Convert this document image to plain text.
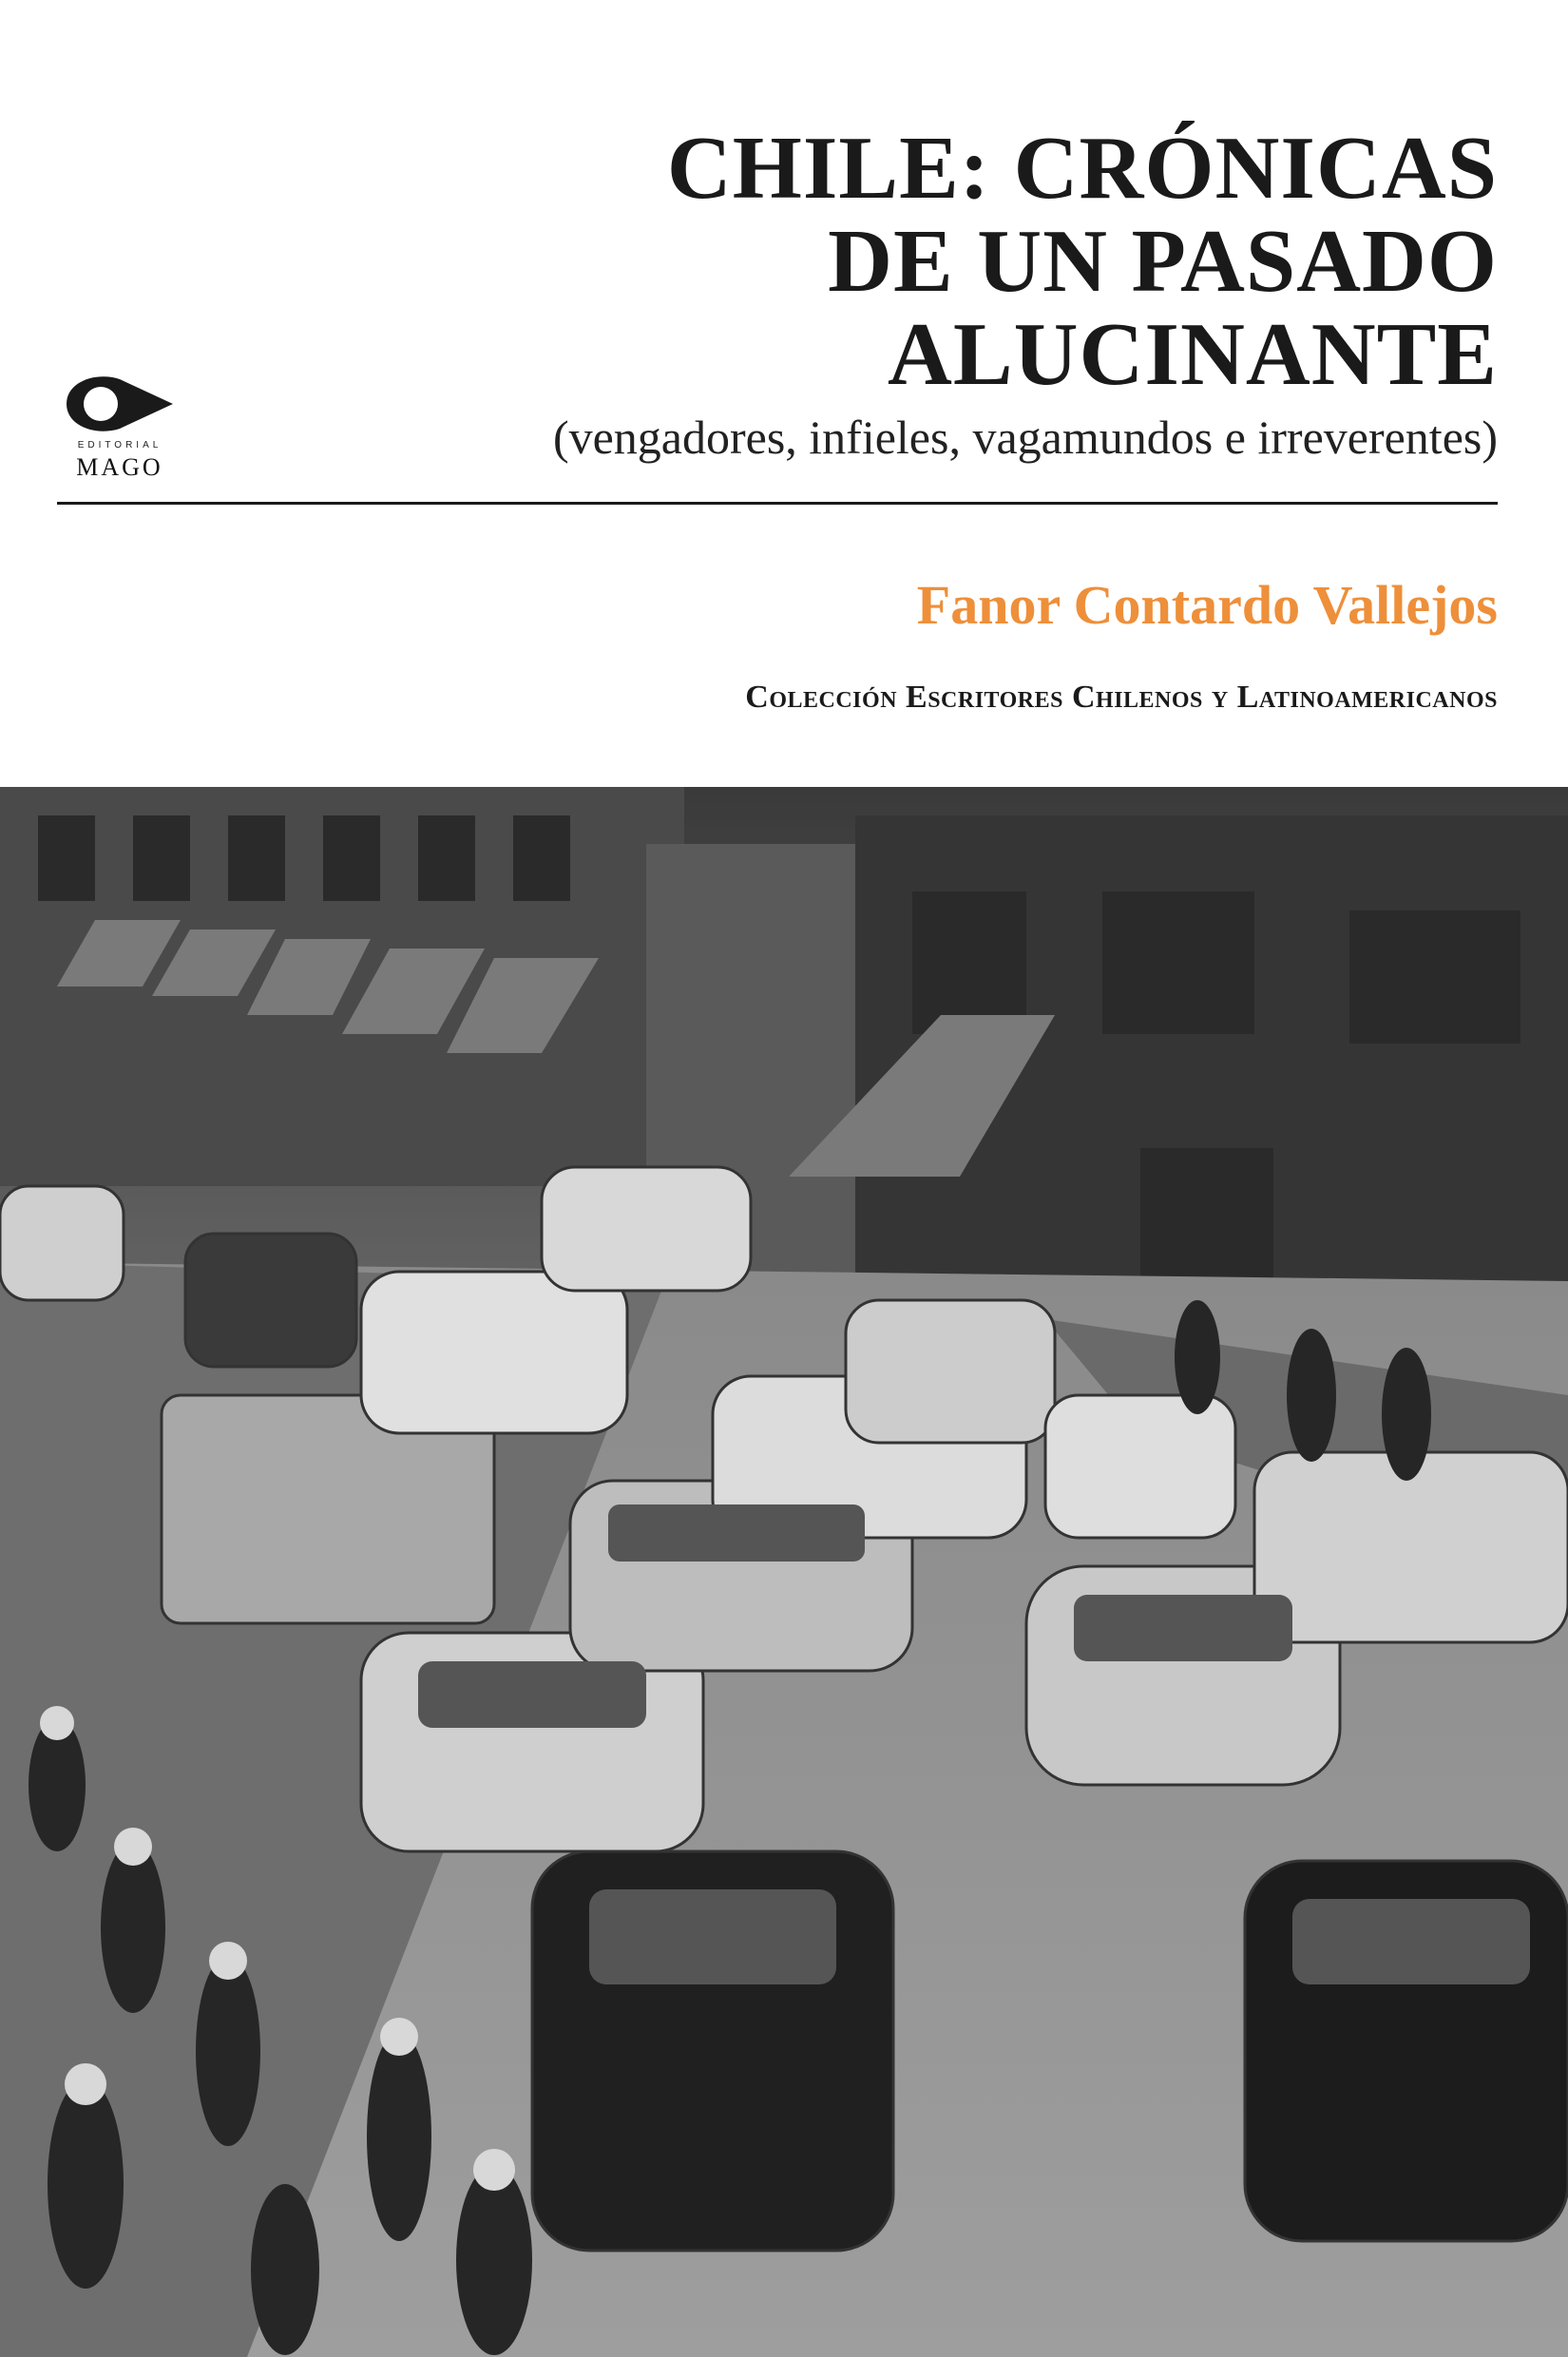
CHILE: CRÓNICAS
DE UN PASADO
ALUCINANTE
(vengadores, infieles, vagamundos e irreverentes)
EDITORIAL
MAGO
Fanor Contardo Vallejos
Colección Escritores Chilenos y Latinoamericanos
